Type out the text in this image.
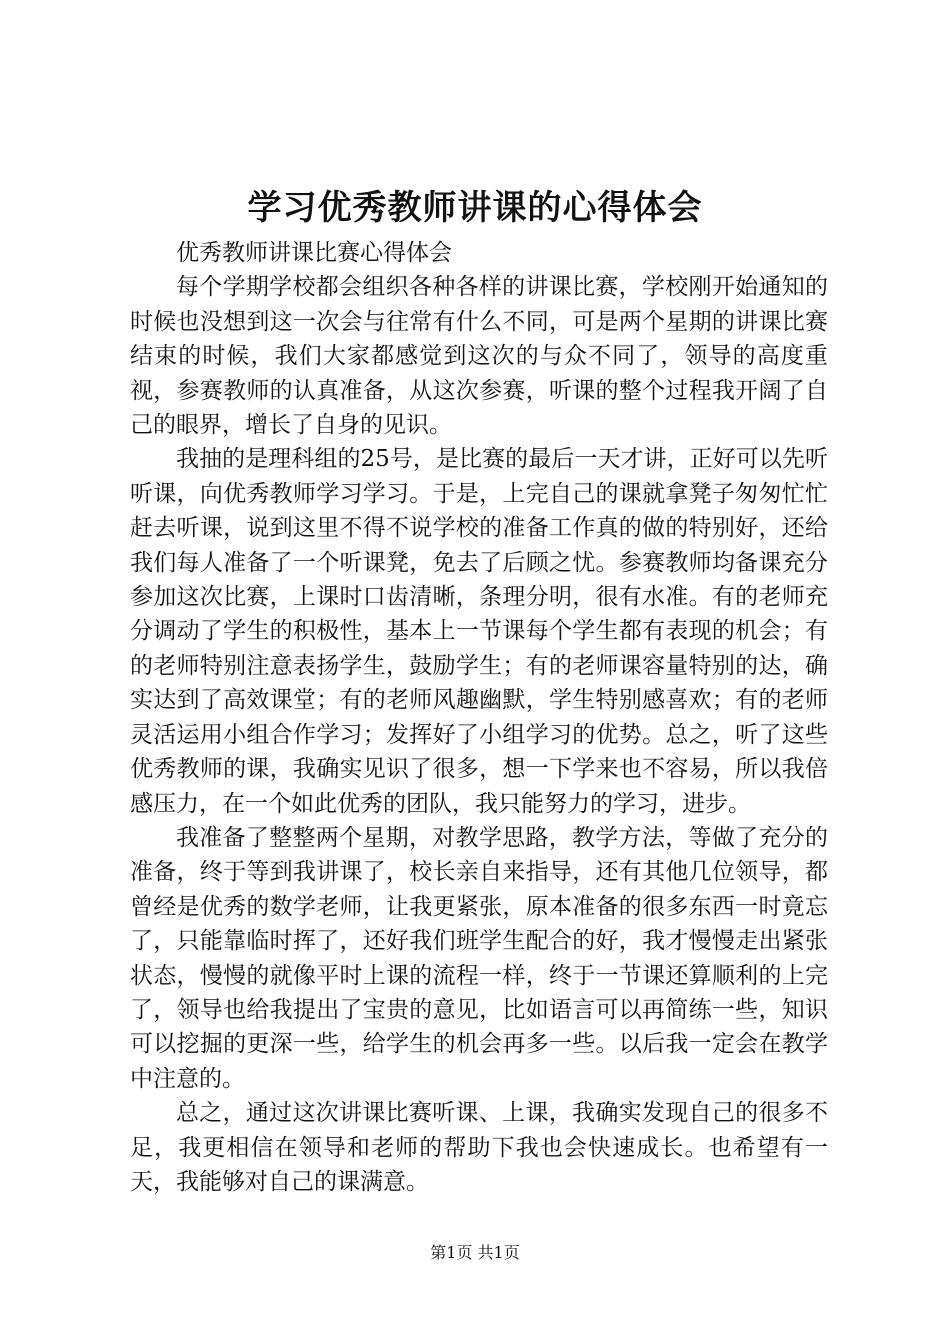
学习优秀教师讲课的心得体会

优秀教师讲课比赛心得体会

每个学期学校都会组织各种各样的讲课比赛，学校刚开始通知的时候也没想到这一次会与往常有什么不同，可是两个星期的讲课比赛结束的时候，我们大家都感觉到这次的与众不同了，领导的高度重视，参赛教师的认真准备，从这次参赛，听课的整个过程我开阔了自己的眼界，增长了自身的见识。

我抽的是理科组的25号，是比赛的最后一天才讲，正好可以先听听课，向优秀教师学习学习。于是，上完自己的课就拿凳子匆匆忙忙赶去听课，说到这里不得不说学校的准备工作真的做的特别好，还给我们每人准备了一个听课凳，免去了后顾之忧。参赛教师均备课充分参加这次比赛，上课时口齿清晰，条理分明，很有水准。有的老师充分调动了学生的积极性，基本上一节课每个学生都有表现的机会；有的老师特别注意表扬学生，鼓励学生；有的老师课容量特别的达，确实达到了高效课堂；有的老师风趣幽默，学生特别感喜欢；有的老师灵活运用小组合作学习；发挥好了小组学习的优势。总之，听了这些优秀教师的课，我确实见识了很多，想一下学来也不容易，所以我倍感压力，在一个如此优秀的团队，我只能努力的学习，进步。

我准备了整整两个星期，对教学思路，教学方法，等做了充分的准备，终于等到我讲课了，校长亲自来指导，还有其他几位领导，都曾经是优秀的数学老师，让我更紧张，原本准备的很多东西一时竟忘了，只能靠临时挥了，还好我们班学生配合的好，我才慢慢走出紧张状态，慢慢的就像平时上课的流程一样，终于一节课还算顺利的上完了，领导也给我提出了宝贵的意见，比如语言可以再简练一些，知识可以挖掘的更深一些，给学生的机会再多一些。以后我一定会在教学中注意的。

总之，通过这次讲课比赛听课、上课，我确实发现自己的很多不足，我更相信在领导和老师的帮助下我也会快速成长。也希望有一天，我能够对自己的课满意。

第1页 共1页
